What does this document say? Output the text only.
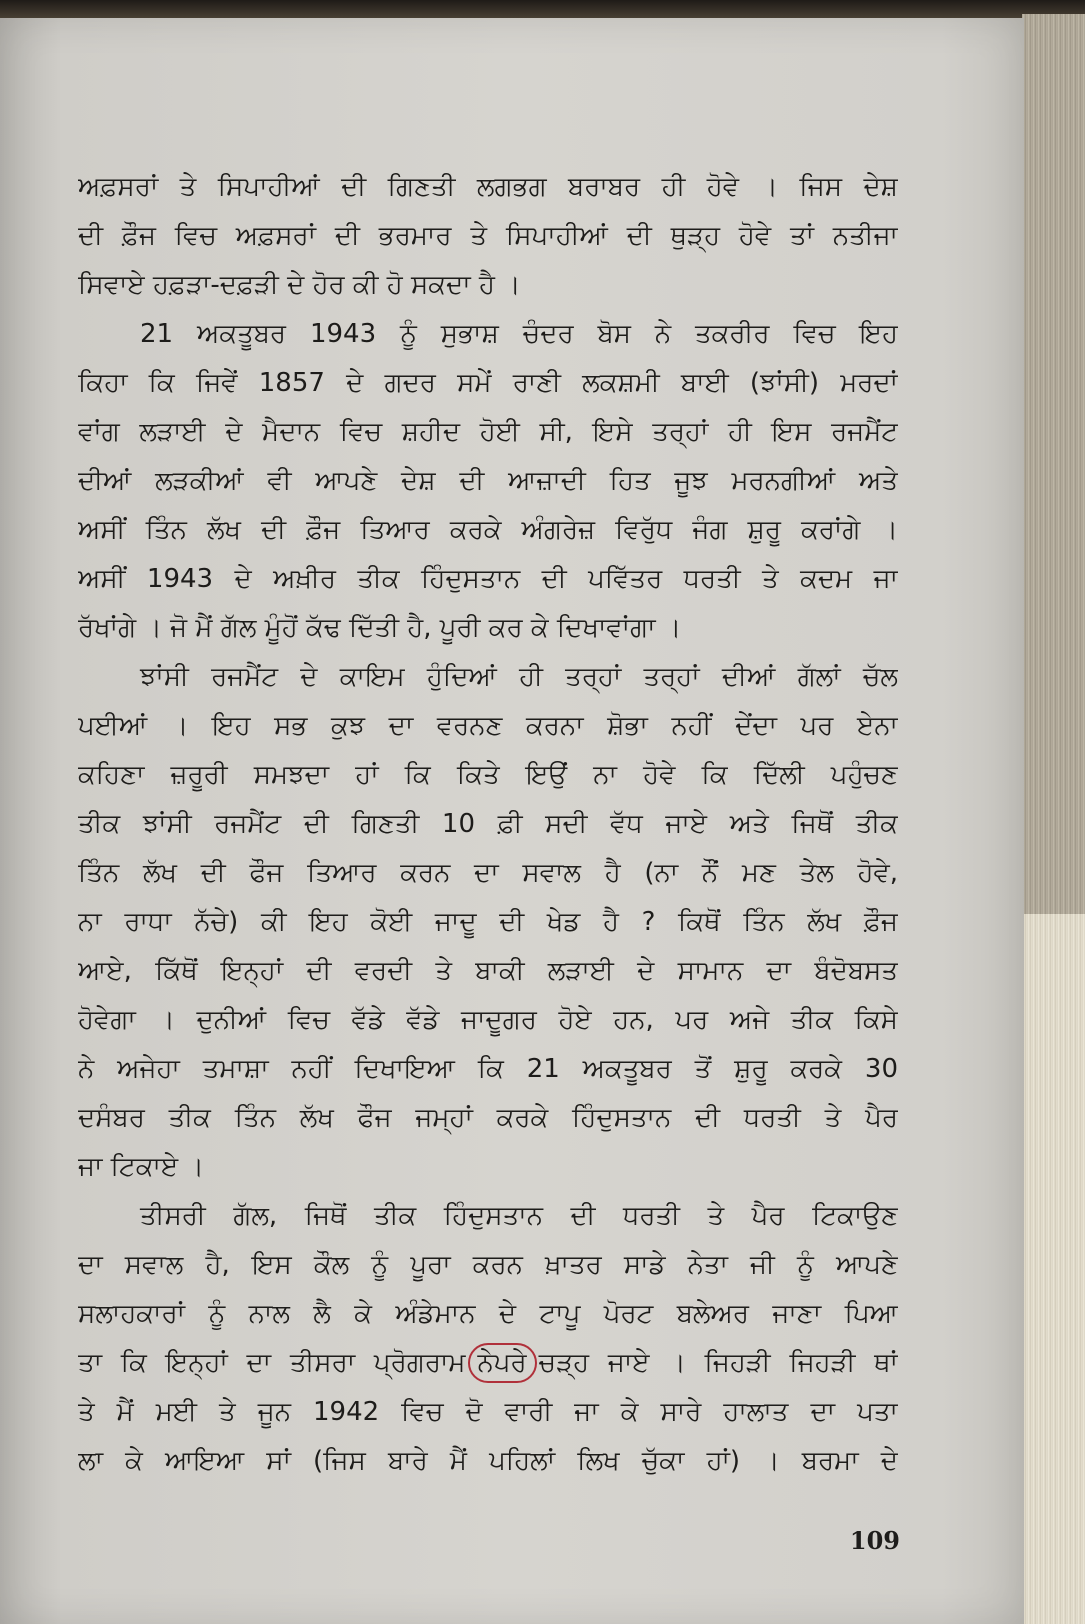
ਅਫ਼ਸਰਾਂ ਤੇ ਸਿਪਾਹੀਆਂ ਦੀ ਗਿਣਤੀ ਲਗਭਗ ਬਰਾਬਰ ਹੀ ਹੋਵੇ । ਜਿਸ ਦੇਸ਼
ਦੀ ਫ਼ੌਜ ਵਿਚ ਅਫ਼ਸਰਾਂ ਦੀ ਭਰਮਾਰ ਤੇ ਸਿਪਾਹੀਆਂ ਦੀ ਥੁੜ੍ਹ ਹੋਵੇ ਤਾਂ ਨਤੀਜਾ
ਸਿਵਾਏ ਹਫ਼ੜਾ-ਦਫ਼ੜੀ ਦੇ ਹੋਰ ਕੀ ਹੋ ਸਕਦਾ ਹੈ ।
21 ਅਕਤੂਬਰ 1943 ਨੂੰ ਸੁਭਾਸ਼ ਚੰਦਰ ਬੋਸ ਨੇ ਤਕਰੀਰ ਵਿਚ ਇਹ
ਕਿਹਾ ਕਿ ਜਿਵੇਂ 1857 ਦੇ ਗਦਰ ਸਮੇਂ ਰਾਣੀ ਲਕਸ਼ਮੀ ਬਾਈ (ਝਾਂਸੀ) ਮਰਦਾਂ
ਵਾਂਗ ਲੜਾਈ ਦੇ ਮੈਦਾਨ ਵਿਚ ਸ਼ਹੀਦ ਹੋਈ ਸੀ, ਇਸੇ ਤਰ੍ਹਾਂ ਹੀ ਇਸ ਰਜਮੈਂਟ
ਦੀਆਂ ਲੜਕੀਆਂ ਵੀ ਆਪਣੇ ਦੇਸ਼ ਦੀ ਆਜ਼ਾਦੀ ਹਿਤ ਜੂਝ ਮਰਨਗੀਆਂ ਅਤੇ
ਅਸੀਂ ਤਿੰਨ ਲੱਖ ਦੀ ਫ਼ੌਜ ਤਿਆਰ ਕਰਕੇ ਅੰਗਰੇਜ਼ ਵਿਰੁੱਧ ਜੰਗ ਸ਼ੁਰੂ ਕਰਾਂਗੇ ।
ਅਸੀਂ 1943 ਦੇ ਅਖ਼ੀਰ ਤੀਕ ਹਿੰਦੁਸਤਾਨ ਦੀ ਪਵਿੱਤਰ ਧਰਤੀ ਤੇ ਕਦਮ ਜਾ
ਰੱਖਾਂਗੇ । ਜੋ ਮੈਂ ਗੱਲ ਮੂੰਹੋਂ ਕੱਢ ਦਿੱਤੀ ਹੈ, ਪੂਰੀ ਕਰ ਕੇ ਦਿਖਾਵਾਂਗਾ ।
ਝਾਂਸੀ ਰਜਮੈਂਟ ਦੇ ਕਾਇਮ ਹੁੰਦਿਆਂ ਹੀ ਤਰ੍ਹਾਂ ਤਰ੍ਹਾਂ ਦੀਆਂ ਗੱਲਾਂ ਚੱਲ
ਪਈਆਂ । ਇਹ ਸਭ ਕੁਝ ਦਾ ਵਰਨਣ ਕਰਨਾ ਸ਼ੋਭਾ ਨਹੀਂ ਦੇਂਦਾ ਪਰ ਏਨਾ
ਕਹਿਣਾ ਜ਼ਰੂਰੀ ਸਮਝਦਾ ਹਾਂ ਕਿ ਕਿਤੇ ਇਉਂ ਨਾ ਹੋਵੇ ਕਿ ਦਿੱਲੀ ਪਹੁੰਚਣ
ਤੀਕ ਝਾਂਸੀ ਰਜਮੈਂਟ ਦੀ ਗਿਣਤੀ 10 ਫ਼ੀ ਸਦੀ ਵੱਧ ਜਾਏ ਅਤੇ ਜਿਥੋਂ ਤੀਕ
ਤਿੰਨ ਲੱਖ ਦੀ ਫੌਜ ਤਿਆਰ ਕਰਨ ਦਾ ਸਵਾਲ ਹੈ (ਨਾ ਨੌਂ ਮਣ ਤੇਲ ਹੋਵੇ,
ਨਾ ਰਾਧਾ ਨੱਚੇ) ਕੀ ਇਹ ਕੋਈ ਜਾਦੂ ਦੀ ਖੇਡ ਹੈ ? ਕਿਥੋਂ ਤਿੰਨ ਲੱਖ ਫ਼ੌਜ
ਆਏ, ਕਿੱਥੋਂ ਇਨ੍ਹਾਂ ਦੀ ਵਰਦੀ ਤੇ ਬਾਕੀ ਲੜਾਈ ਦੇ ਸਾਮਾਨ ਦਾ ਬੰਦੋਬਸਤ
ਹੋਵੇਗਾ । ਦੁਨੀਆਂ ਵਿਚ ਵੱਡੇ ਵੱਡੇ ਜਾਦੂਗਰ ਹੋਏ ਹਨ, ਪਰ ਅਜੇ ਤੀਕ ਕਿਸੇ
ਨੇ ਅਜੇਹਾ ਤਮਾਸ਼ਾ ਨਹੀਂ ਦਿਖਾਇਆ ਕਿ 21 ਅਕਤੂਬਰ ਤੋਂ ਸ਼ੁਰੂ ਕਰਕੇ 30
ਦਸੰਬਰ ਤੀਕ ਤਿੰਨ ਲੱਖ ਫੌਜ ਜਮ੍ਹਾਂ ਕਰਕੇ ਹਿੰਦੁਸਤਾਨ ਦੀ ਧਰਤੀ ਤੇ ਪੈਰ
ਜਾ ਟਿਕਾਏ ।
ਤੀਸਰੀ ਗੱਲ, ਜਿਥੋਂ ਤੀਕ ਹਿੰਦੁਸਤਾਨ ਦੀ ਧਰਤੀ ਤੇ ਪੈਰ ਟਿਕਾਉਣ
ਦਾ ਸਵਾਲ ਹੈ, ਇਸ ਕੌਲ ਨੂੰ ਪੂਰਾ ਕਰਨ ਖ਼ਾਤਰ ਸਾਡੇ ਨੇਤਾ ਜੀ ਨੂੰ ਆਪਣੇ
ਸਲਾਹਕਾਰਾਂ ਨੂੰ ਨਾਲ ਲੈ ਕੇ ਅੰਡੇਮਾਨ ਦੇ ਟਾਪੂ ਪੋਰਟ ਬਲੇਅਰ ਜਾਣਾ ਪਿਆ
ਤਾ ਕਿ ਇਨ੍ਹਾਂ ਦਾ ਤੀਸਰਾ ਪ੍ਰੋਗਰਾਮ ਨੇਪਰੇ ਚੜ੍ਹ ਜਾਏ । ਜਿਹੜੀ ਜਿਹੜੀ ਥਾਂ
ਤੇ ਮੈਂ ਮਈ ਤੇ ਜੂਨ 1942 ਵਿਚ ਦੋ ਵਾਰੀ ਜਾ ਕੇ ਸਾਰੇ ਹਾਲਾਤ ਦਾ ਪਤਾ
ਲਾ ਕੇ ਆਇਆ ਸਾਂ (ਜਿਸ ਬਾਰੇ ਮੈਂ ਪਹਿਲਾਂ ਲਿਖ ਚੁੱਕਾ ਹਾਂ) । ਬਰਮਾ ਦੇ
109
